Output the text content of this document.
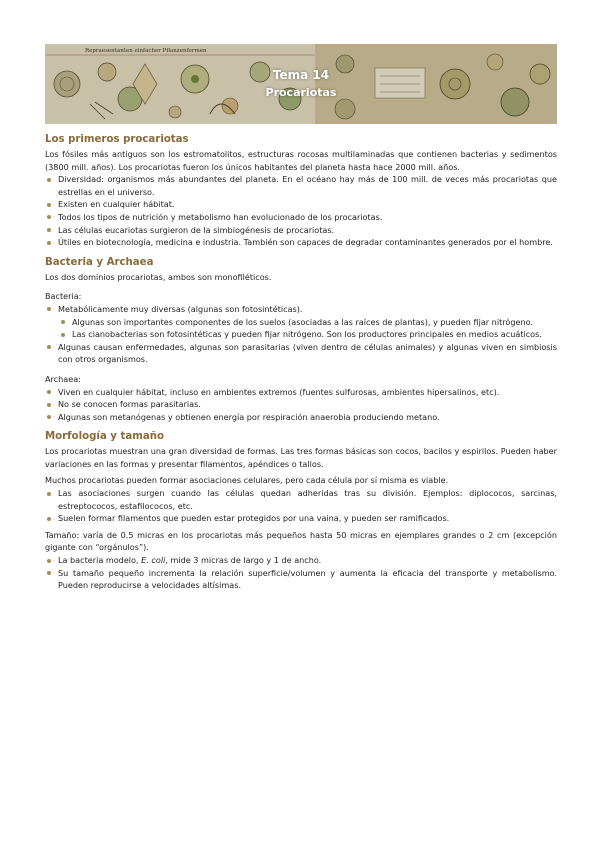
Tema 14
Procariotas
Los primeros procariotas

Los fósiles más antiguos son los estromatolitos, estructuras rocosas multilaminadas que contienen bacterias y sedimentos (3800 mill. años). Los procariotas fueron los únicos habitantes del planeta hasta hace 2000 mill. años.

Diversidad: organismos más abundantes del planeta. En el océano hay más de 100 mill. de veces más procariotas que estrellas en el universo.
Existen en cualquier hábitat.
Todos los tipos de nutrición y metabolismo han evolucionado de los procariotas.
Las células eucariotas surgieron de la simbiogénesis de procariotas.
Útiles en biotecnología, medicina e industria. También son capaces de degradar contaminantes generados por el hombre.
Bacteria y Archaea

Los dos dominios procariotas, ambos son monofiléticos.

Bacteria:

Metabólicamente muy diversas (algunas son fotosintéticas).
Algunas son importantes componentes de los suelos (asociadas a las raíces de plantas), y pueden fijar nitrógeno.
Las cianobacterias son fotosintéticas y pueden fijar nitrógeno. Son los productores principales en medios acuáticos.
Algunas causan enfermedades, algunas son parasitarias (viven dentro de células animales) y algunas viven en simbiosis con otros organismos.

Archaea:

Viven en cualquier hábitat, incluso en ambientes extremos (fuentes sulfurosas, ambientes hipersalinos, etc).
No se conocen formas parasitarias.
Algunas son metanógenas y obtienen energía por respiración anaerobia produciendo metano.
Morfología y tamaño

Los procariotas muestran una gran diversidad de formas. Las tres formas básicas son cocos, bacilos y espirilos. Pueden haber variaciones en las formas y presentar filamentos, apéndices o tallos.

Muchos procariotas pueden formar asociaciones celulares, pero cada célula por sí misma es viable.

Las asociaciones surgen cuando las células quedan adheridas tras su división. Ejemplos: diplococos, sarcinas, estreptococos, estafilococos, etc.
Suelen formar filamentos que pueden estar protegidos por una vaina, y pueden ser ramificados.

Tamaño: varía de 0.5 micras en los procariotas más pequeños hasta 50 micras en ejemplares grandes o 2 cm (excepción gigante con “orgánulos”).

La bacteria modelo, E. coli, mide 3 micras de largo y 1 de ancho.
Su tamaño pequeño incrementa la relación superficie/volumen y aumenta la eficacia del transporte y metabolismo. Pueden reproducirse a velocidades altísimas.
